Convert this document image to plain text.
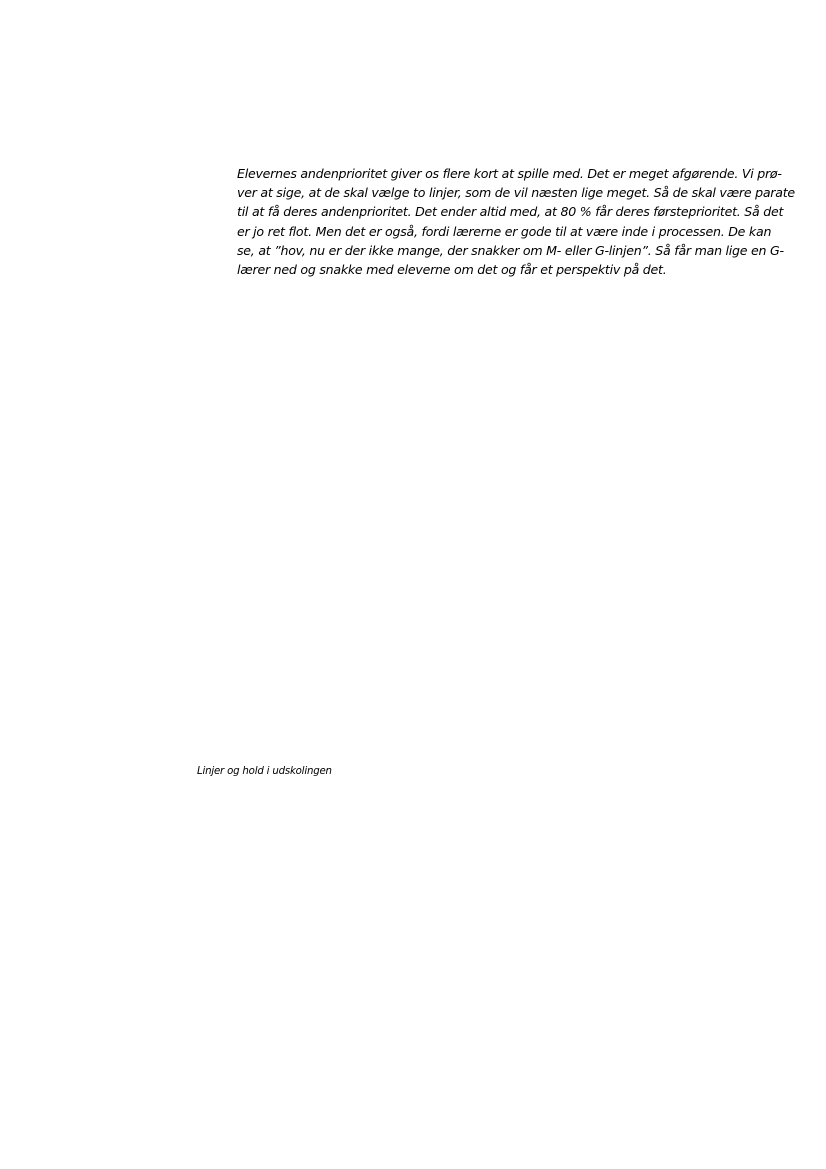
Elevernes andenprioritet giver os flere kort at spille med. Det er meget afgørende. Vi prø-
ver at sige, at de skal vælge to linjer, som de vil næsten lige meget. Så de skal være parate
til at få deres andenprioritet. Det ender altid med, at 80 % får deres førsteprioritet. Så det
er jo ret flot. Men det er også, fordi lærerne er gode til at være inde i processen. De kan
se, at ”hov, nu er der ikke mange, der snakker om M- eller G-linjen”. Så får man lige en G-
lærer ned og snakke med eleverne om det og får et perspektiv på det.
Linjer og hold i udskolingen
